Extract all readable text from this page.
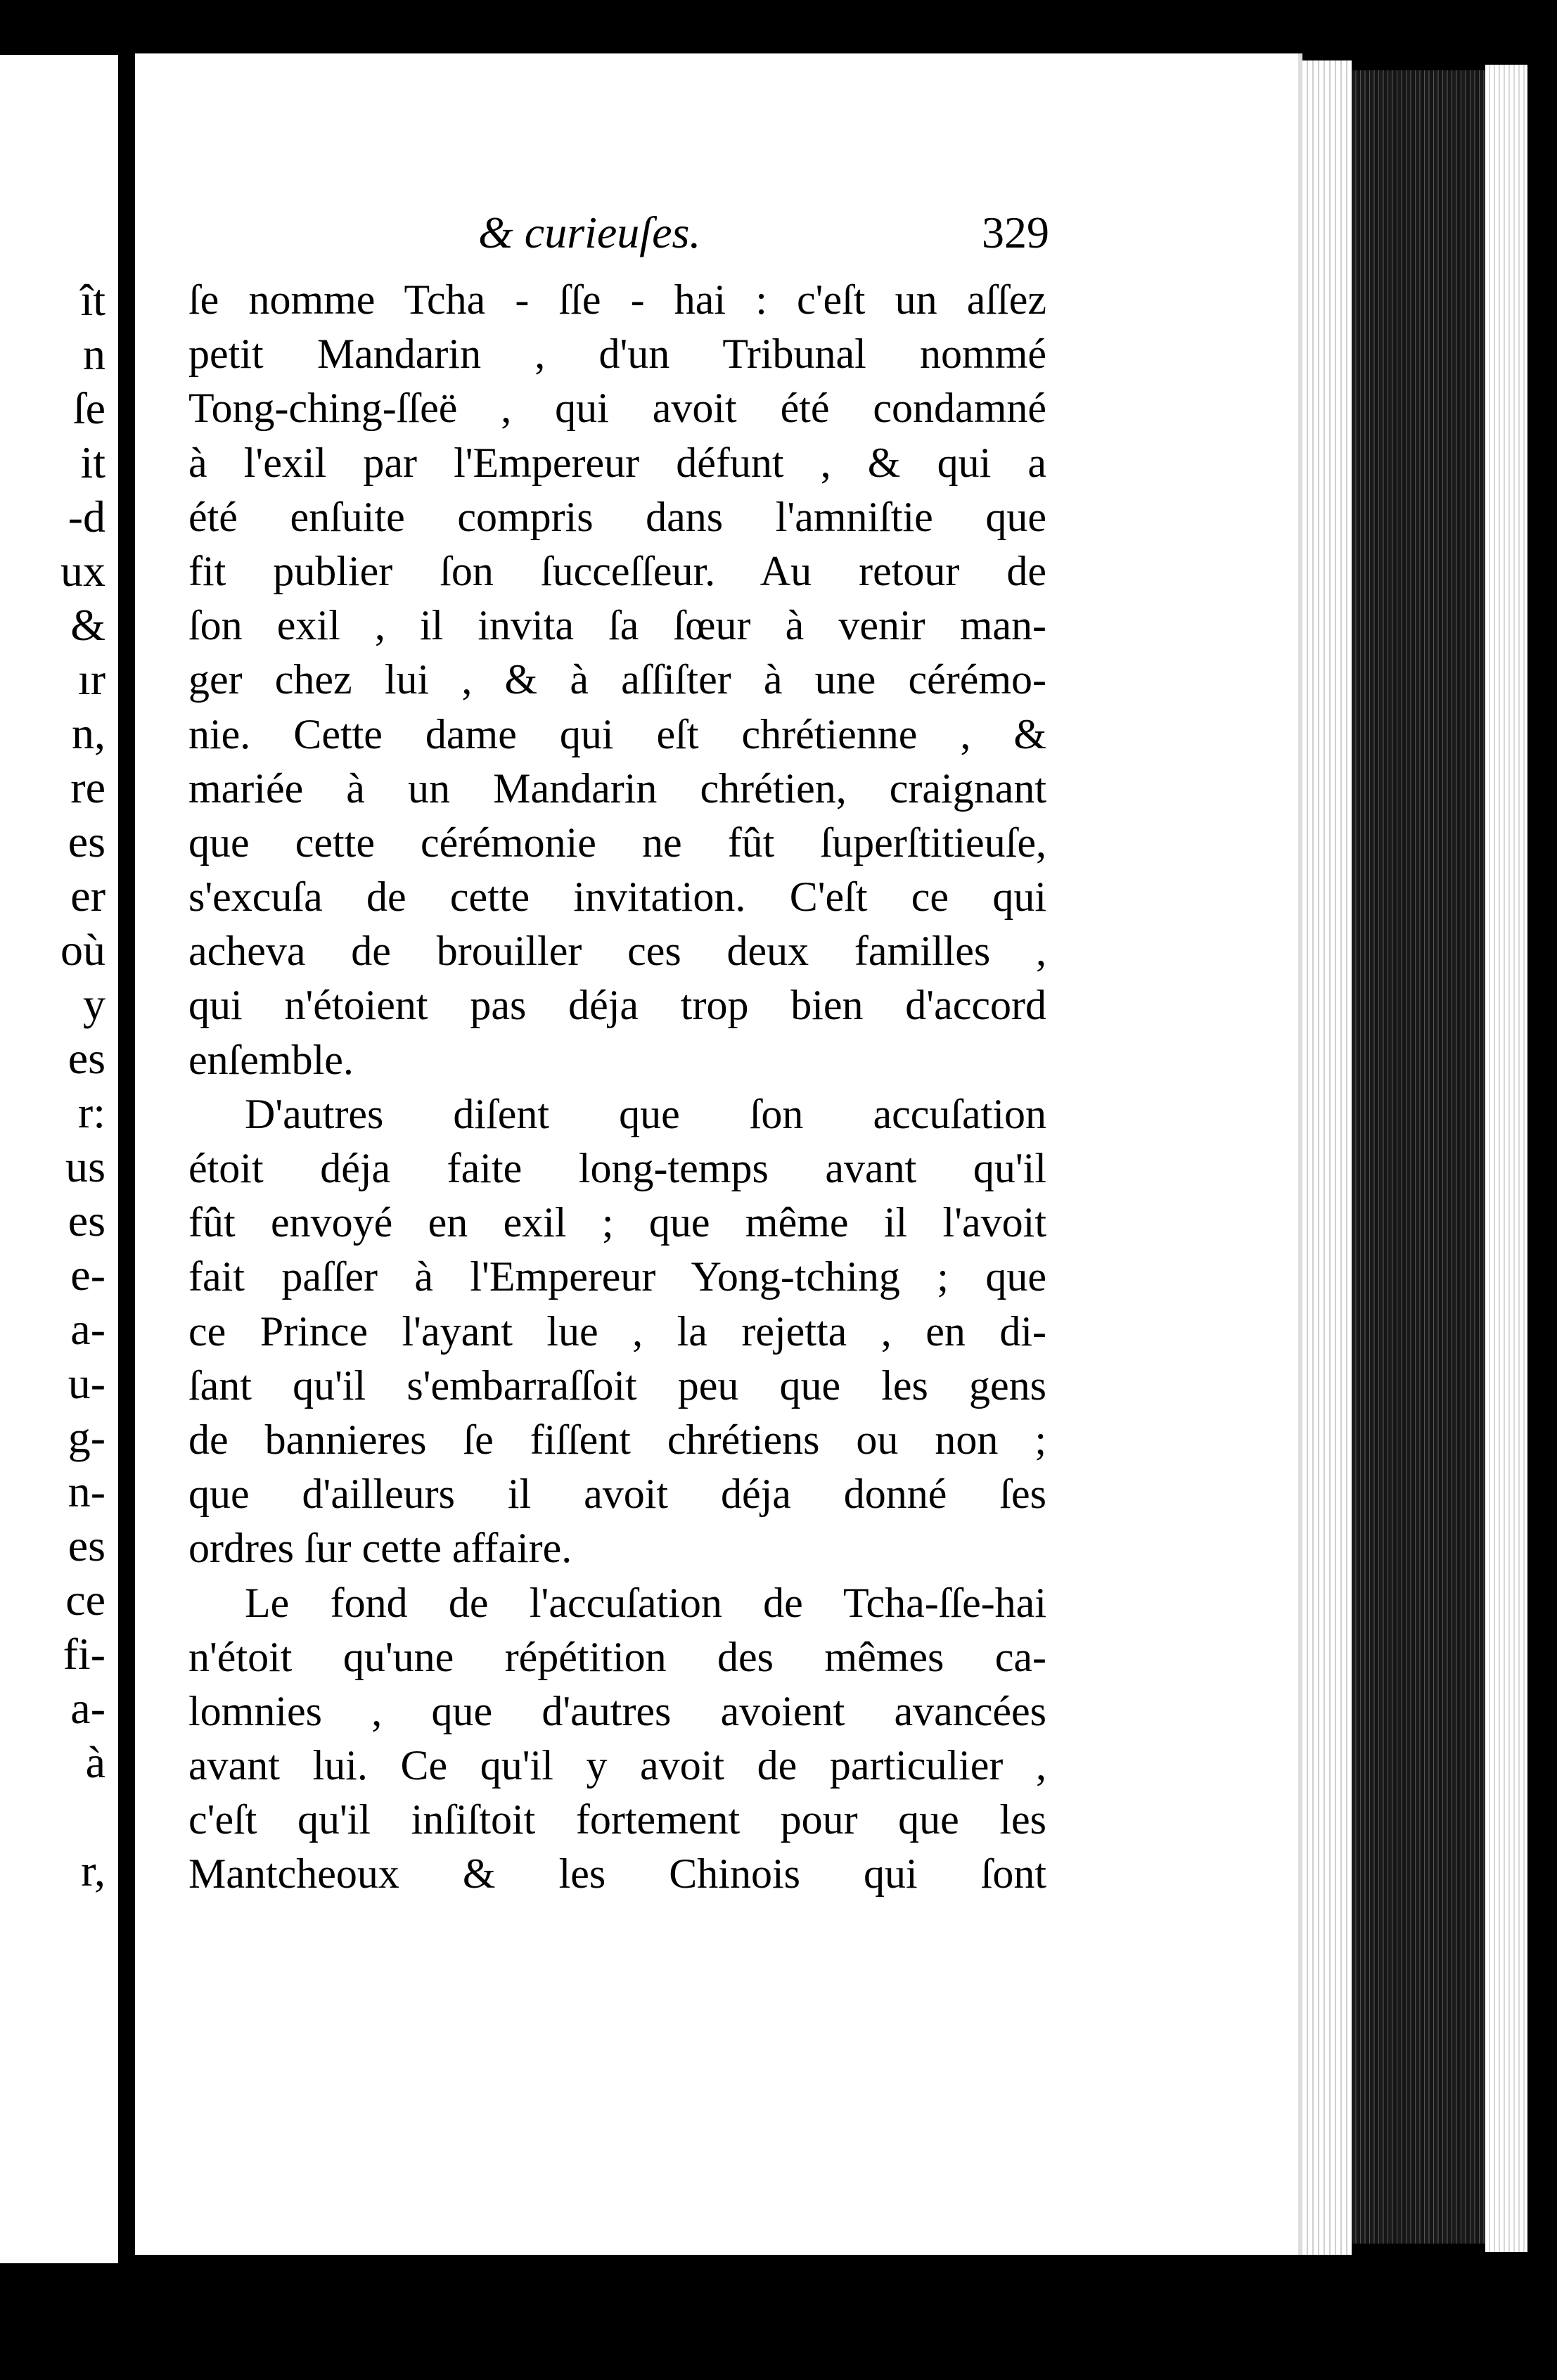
ît
n
ſe
it
-d
ux
&
ır
n,
re
es
er
où
y
es
r:
us
es
e-
a-
u-
g-
n-
es
ce
fi-
a-
à
r,
& curieuſes.	329
ſe nomme Tcha - ſſe - hai : c'eſt un aſſez
petit Mandarin , d'un Tribunal nommé
Tong-ching-ſſeë , qui avoit été condamné
à l'exil par l'Empereur défunt , & qui a
été enſuite compris dans l'amniſtie que
fit publier ſon ſucceſſeur. Au retour de
ſon exil , il invita ſa ſœur à venir man-
ger chez lui , & à aſſiſter à une cérémo-
nie. Cette dame qui eſt chrétienne , &
mariée à un Mandarin chrétien, craignant
que cette cérémonie ne fût ſuperſtitieuſe,
s'excuſa de cette invitation. C'eſt ce qui
acheva de brouiller ces deux familles ,
qui n'étoient pas déja trop bien d'accord
enſemble.
D'autres diſent que ſon accuſation
étoit déja faite long-temps avant qu'il
fût envoyé en exil ; que même il l'avoit
fait paſſer à l'Empereur Yong-tching ; que
ce Prince l'ayant lue , la rejetta , en di-
ſant qu'il s'embarraſſoit peu que les gens
de bannieres ſe fiſſent chrétiens ou non ;
que d'ailleurs il avoit déja donné ſes
ordres ſur cette affaire.
Le fond de l'accuſation de Tcha-ſſe-hai
n'étoit qu'une répétition des mêmes ca-
lomnies , que d'autres avoient avancées
avant lui. Ce qu'il y avoit de particulier ,
c'eſt qu'il inſiſtoit fortement pour que les
Mantcheoux & les Chinois qui ſont
